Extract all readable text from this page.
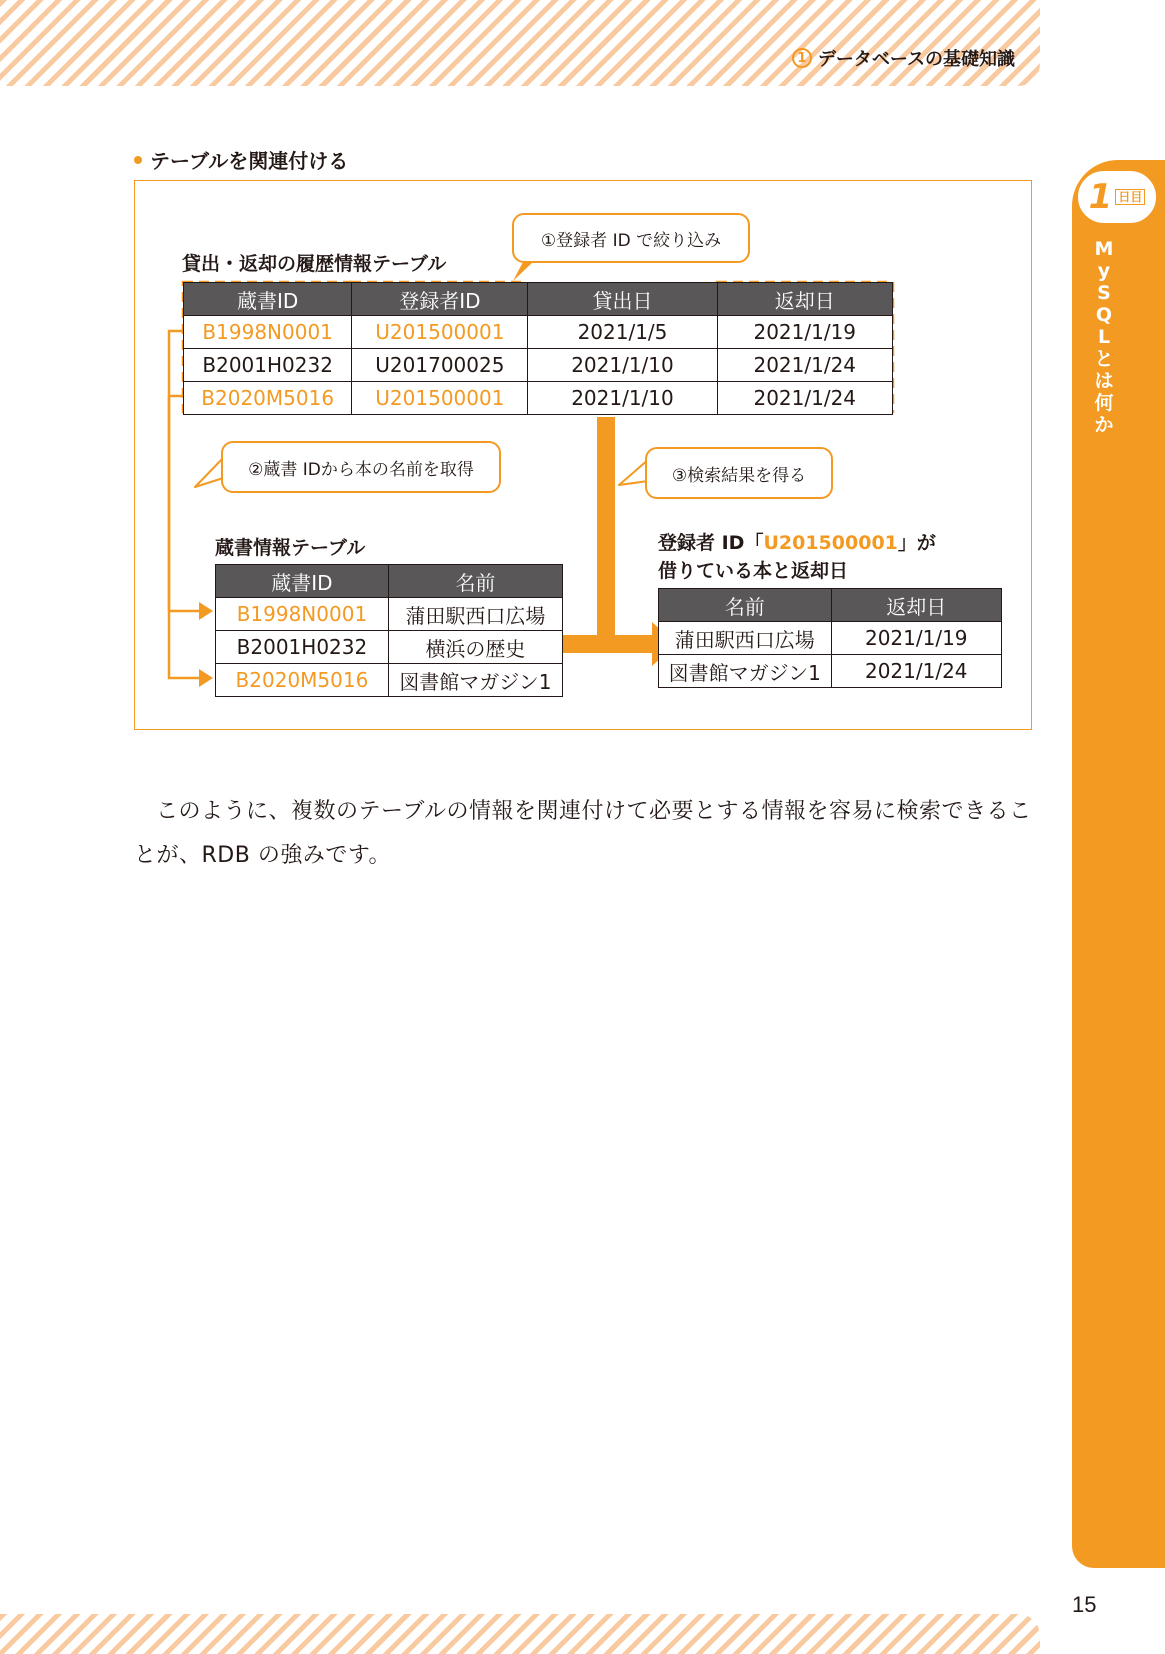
1 データベースの基礎知識
1 日目
MySQLとは何か
テーブルを関連付ける
①登録者 ID で絞り込み
②蔵書 IDから本の名前を取得	③検索結果を得る
貸出・返却の履歴情報テーブル
蔵書ID	登録者ID	貸出日	返却日
B1998N0001	U201500001	2021/1/5	2021/1/19
B2001H0232	U201700025	2021/1/10	2021/1/24
B2020M5016	U201500001	2021/1/10	2021/1/24
蔵書情報テーブル
蔵書ID	名前
B1998N0001	蒲田駅西口広場
B2001H0232	横浜の歴史
B2020M5016	図書館マガジン1
登録者 ID「U201500001」が
借りている本と返却日
名前	返却日
蒲田駅西口広場	2021/1/19
図書館マガジン1	2021/1/24
このように、複数のテーブルの情報を関連付けて必要とする情報を容易に検索できることが、RDB の強みです。
15
